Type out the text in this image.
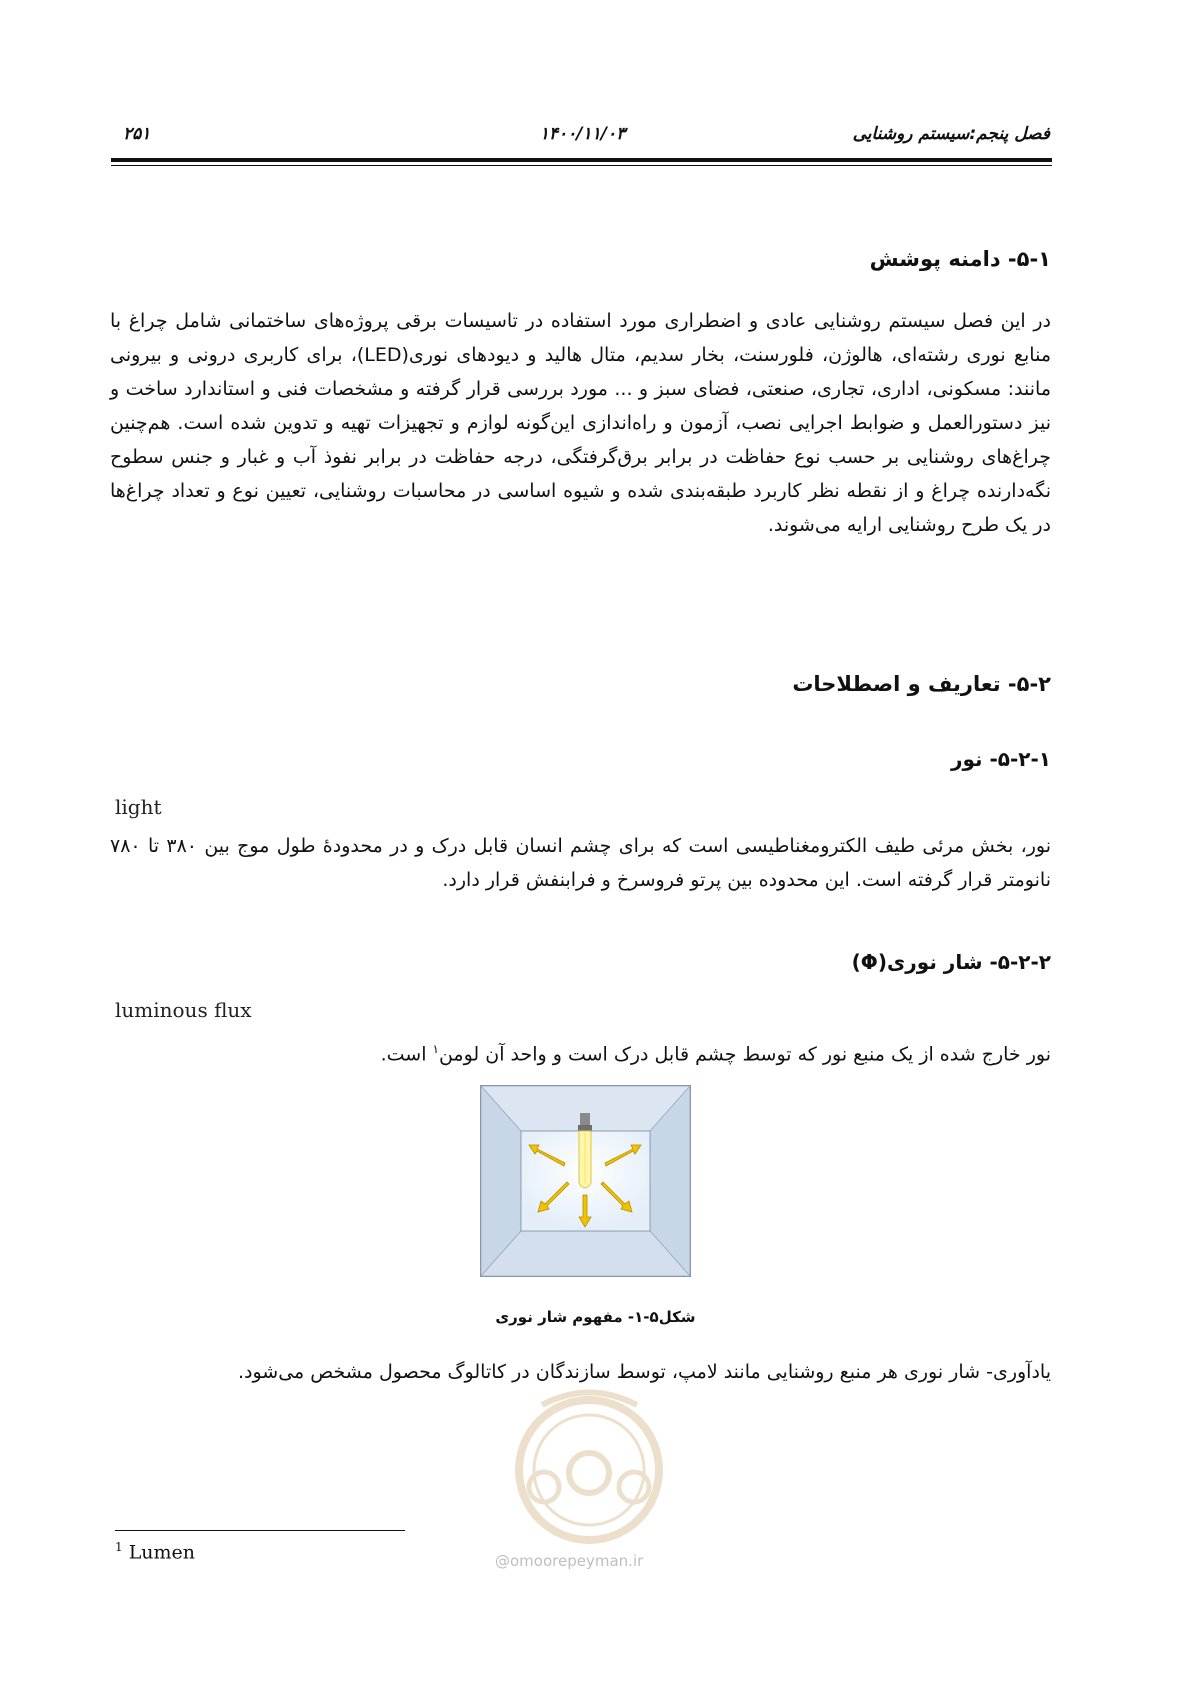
فصل پنجم:سیستم روشنایی
۱۴۰۰/۱۱/۰۳
۲۵۱
۵-۱- دامنه پوشش

در این فصل سیستم روشنایی عادی و اضطراری مورد استفاده در تاسیسات برقی پروژه‌های ساختمانی شامل چراغ با

منابع نوری رشته‌ای، هالوژن، فلورسنت، بخار سدیم، متال هالید و دیودهای نوری(LED)، برای کاربری درونی و بیرونی

مانند: مسکونی، اداری، تجاری، صنعتی، فضای سبز و ... مورد بررسی قرار گرفته و مشخصات فنی و استاندارد ساخت و

نیز دستورالعمل و ضوابط اجرایی نصب، آزمون و راه‌اندازی این‌گونه لوازم و تجهیزات تهیه و تدوین شده است. هم‌چنین

چراغ‌های روشنایی بر حسب نوع حفاظت در برابر برق‌گرفتگی، درجه حفاظت در برابر نفوذ آب و غبار و جنس سطوح

نگه‌دارنده چراغ و از نقطه نظر کاربرد طبقه‌بندی شده و شیوه اساسی در محاسبات روشنایی، تعیین نوع و تعداد چراغ‌ها

در یک طرح روشنایی ارایه می‌شوند.

۵-۲- تعاریف و اصطلاحات
۵-۲-۱- نور
light

نور، بخش مرئی طیف الکترومغناطیسی است که برای چشم انسان قابل درک و در محدودهٔ طول موج بین ۳۸۰ تا ۷۸۰

نانومتر قرار گرفته است. این محدوده بین پرتو فروسرخ و فرابنفش قرار دارد.

۵-۲-۲- شار نوری(Φ)
luminous flux

نور خارج شده از یک منبع نور که توسط چشم قابل درک است و واحد آن لومن$^۱$ است.

شکل۵-۱- مفهوم شار نوری

یادآوری- شار نوری هر منبع روشنایی مانند لامپ، توسط سازندگان در کاتالوگ محصول مشخص می‌شود.

@omoorepeyman.ir
$^1$ Lumen
